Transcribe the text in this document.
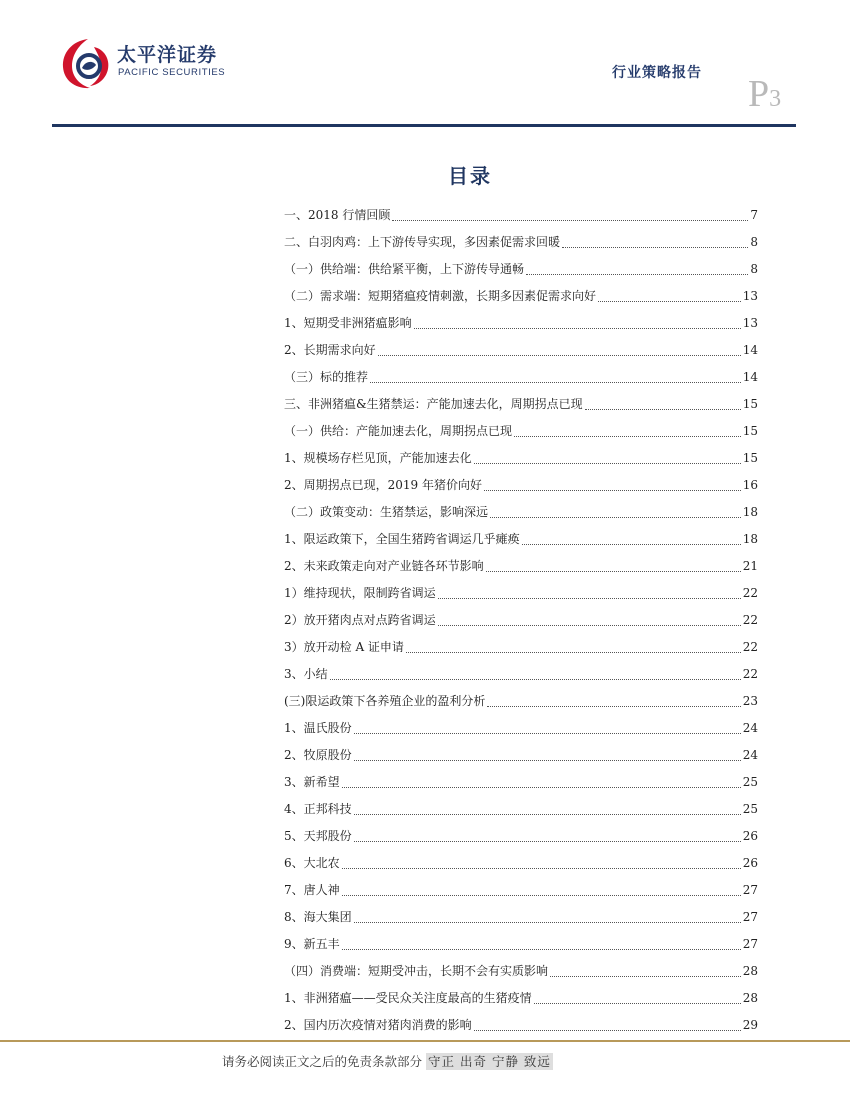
太平洋证券
PACIFIC SECURITIES	行业策略报告 P3
目录
一、2018 行情回顾	7
二、白羽肉鸡：上下游传导实现，多因素促需求回暖	8
（一）供给端：供给紧平衡，上下游传导通畅	8
（二）需求端：短期猪瘟疫情刺激，长期多因素促需求向好	13
1、短期受非洲猪瘟影响	13
2、长期需求向好	14
（三）标的推荐	14
三、非洲猪瘟&生猪禁运：产能加速去化，周期拐点已现	15
（一）供给：产能加速去化，周期拐点已现	15
1、规模场存栏见顶，产能加速去化	15
2、周期拐点已现，2019 年猪价向好	16
（二）政策变动：生猪禁运，影响深远	18
1、限运政策下，全国生猪跨省调运几乎瘫痪	18
2、未来政策走向对产业链各环节影响	21
1）维持现状，限制跨省调运	22
2）放开猪肉点对点跨省调运	22
3）放开动检 A 证申请	22
3、小结	22
(三)限运政策下各养殖企业的盈利分析	23
1、温氏股份	24
2、牧原股份	24
3、新希望	25
4、正邦科技	25
5、天邦股份	26
6、大北农	26
7、唐人神	27
8、海大集团	27
9、新五丰	27
（四）消费端：短期受冲击，长期不会有实质影响	28
1、非洲猪瘟——受民众关注度最高的生猪疫情	28
2、国内历次疫情对猪肉消费的影响	29
请务必阅读正文之后的免责条款部分 守正 出奇 宁静 致远
